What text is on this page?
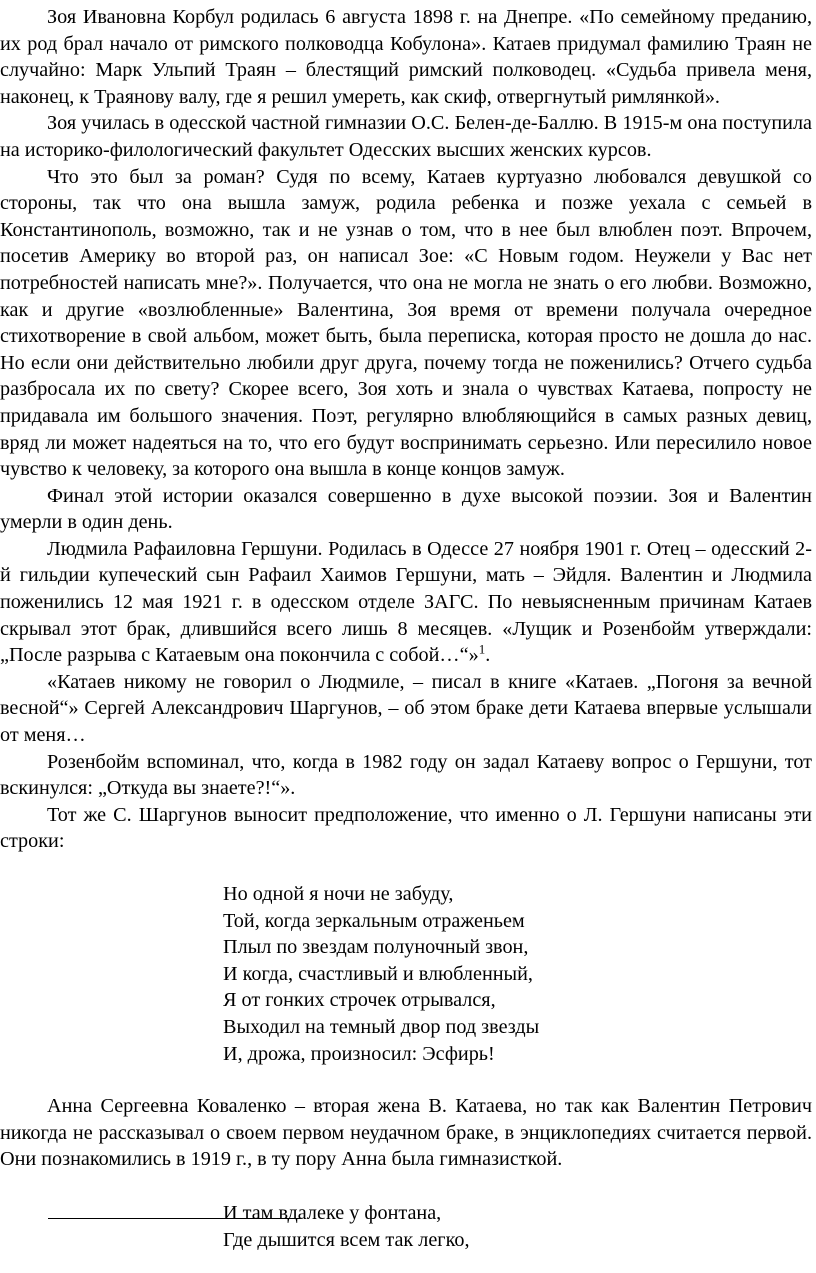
Зоя Ивановна Корбул родилась 6 августа 1898 г. на Днепре. «По семейному преданию, их род брал начало от римского полководца Кобулона». Катаев придумал фамилию Траян не случайно: Марк Ульпий Траян – блестящий римский полководец. «Судьба привела меня, наконец, к Траянову валу, где я решил умереть, как скиф, отвергнутый римлянкой».

Зоя училась в одесской частной гимназии О.С. Белен-де-Баллю. В 1915-м она поступила на историко-филологический факультет Одесских высших женских курсов.

Что это был за роман? Судя по всему, Катаев куртуазно любовался девушкой со стороны, так что она вышла замуж, родила ребенка и позже уехала с семьей в Константинополь, возможно, так и не узнав о том, что в нее был влюблен поэт. Впрочем, посетив Америку во второй раз, он написал Зое: «С Новым годом. Неужели у Вас нет потребностей написать мне?». Получается, что она не могла не знать о его любви. Возможно, как и другие «возлюбленные» Валентина, Зоя время от времени получала очередное стихотворение в свой альбом, может быть, была переписка, которая просто не дошла до нас. Но если они действительно любили друг друга, почему тогда не поженились? Отчего судьба разбросала их по свету? Скорее всего, Зоя хоть и знала о чувствах Катаева, попросту не придавала им большого значения. Поэт, регулярно влюбляющийся в самых разных девиц, вряд ли может надеяться на то, что его будут воспринимать серьезно. Или пересилило новое чувство к человеку, за которого она вышла в конце концов замуж.

Финал этой истории оказался совершенно в духе высокой поэзии. Зоя и Валентин умерли в один день.

Людмила Рафаиловна Гершуни. Родилась в Одессе 27 ноября 1901 г. Отец – одесский 2-й гильдии купеческий сын Рафаил Хаимов Гершуни, мать – Эйдля. Валентин и Людмила поженились 12 мая 1921 г. в одесском отделе ЗАГС. По невыясненным причинам Катаев скрывал этот брак, длившийся всего лишь 8 месяцев. «Лущик и Розенбойм утверждали: „После разрыва с Катаевым она покончила с собой…“»$^1$.

«Катаев никому не говорил о Людмиле, – писал в книге «Катаев. „Погоня за вечной весной“» Сергей Александрович Шаргунов, – об этом браке дети Катаева впервые услышали от меня…

Розенбойм вспоминал, что, когда в 1982 году он задал Катаеву вопрос о Гершуни, тот вскинулся: „Откуда вы знаете?!“».

Тот же С. Шаргунов выносит предположение, что именно о Л. Гершуни написаны эти строки:

Но одной я ночи не забуду,
Той, когда зеркальным отраженьем
Плыл по звездам полуночный звон,
И когда, счастливый и влюбленный,
Я от гонких строчек отрывался,
Выходил на темный двор под звезды
И, дрожа, произносил: Эсфирь!

Анна Сергеевна Коваленко – вторая жена В. Катаева, но так как Валентин Петрович никогда не рассказывал о своем первом неудачном браке, в энциклопедиях считается первой. Они познакомились в 1919 г., в ту пору Анна была гимназисткой.

И там вдалеке у фонтана,
Где дышится всем так легко,
